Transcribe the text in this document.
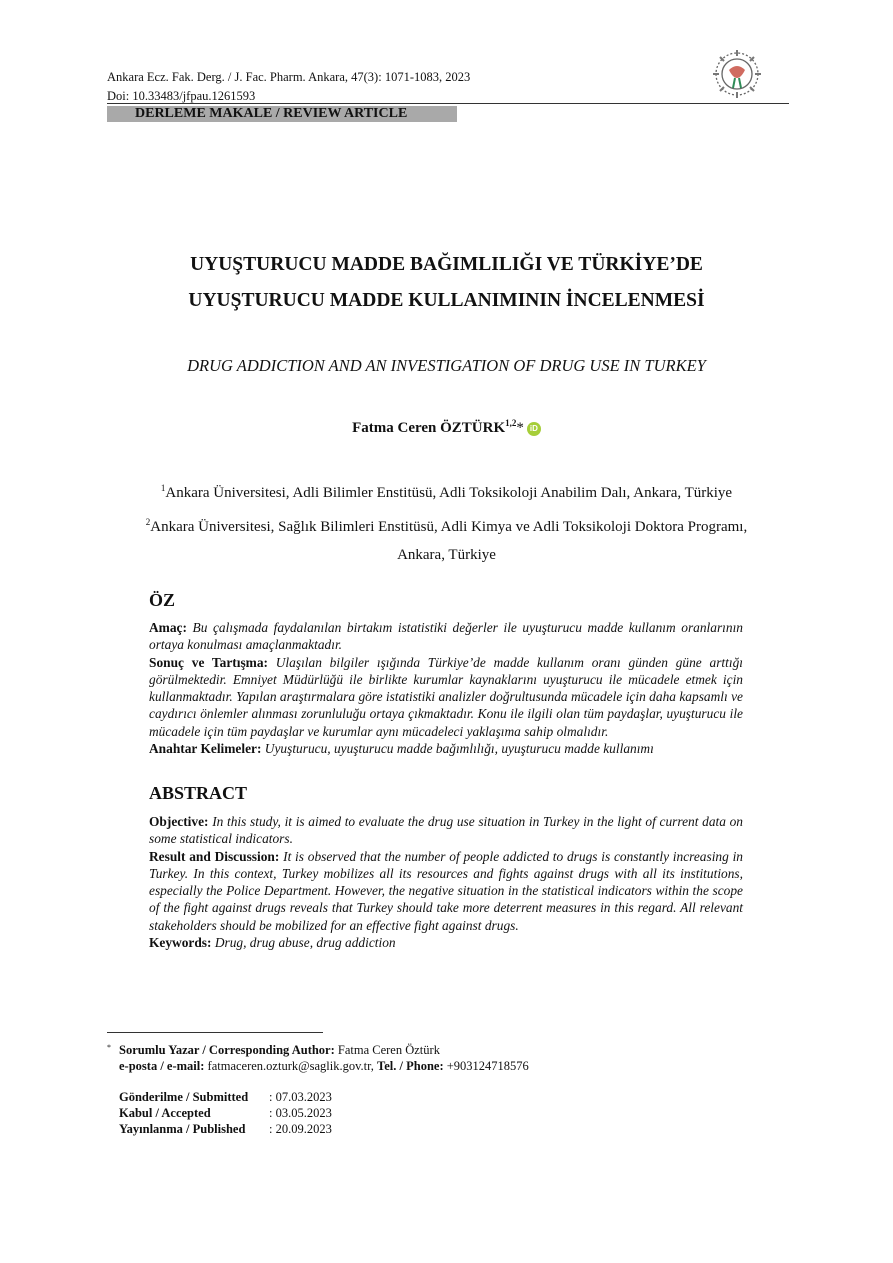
Ankara Ecz. Fak. Derg. / J. Fac. Pharm. Ankara, 47(3): 1071-1083, 2023
Doi: 10.33483/jfpau.1261593
DERLEME MAKALE / REVIEW ARTICLE
UYUŞTURUCU MADDE BAĞIMLILIĞI VE TÜRKİYE’DE
UYUŞTURUCU MADDE KULLANIMININ İNCELENMESİ
DRUG ADDICTION AND AN INVESTIGATION OF DRUG USE IN TURKEY
Fatma Ceren ÖZTÜRK$^{1,2}$* iD
$^1$Ankara Üniversitesi, Adli Bilimler Enstitüsü, Adli Toksikoloji Anabilim Dalı, Ankara, Türkiye
$^2$Ankara Üniversitesi, Sağlık Bilimleri Enstitüsü, Adli Kimya ve Adli Toksikoloji Doktora Programı,
Ankara, Türkiye
ÖZ
Amaç: Bu çalışmada faydalanılan birtakım istatistiki değerler ile uyuşturucu madde kullanım oranlarının ortaya konulması amaçlanmaktadır.
Sonuç ve Tartışma: Ulaşılan bilgiler ışığında Türkiye’de madde kullanım oranı günden güne arttığı görülmektedir. Emniyet Müdürlüğü ile birlikte kurumlar kaynaklarını uyuşturucu ile mücadele etmek için kullanmaktadır. Yapılan araştırmalara göre istatistiki analizler doğrultusunda mücadele için daha kapsamlı ve caydırıcı önlemler alınması zorunluluğu ortaya çıkmaktadır. Konu ile ilgili olan tüm paydaşlar, uyuşturucu ile mücadele için tüm paydaşlar ve kurumlar aynı mücadeleci yaklaşıma sahip olmalıdır.
Anahtar Kelimeler: Uyuşturucu, uyuşturucu madde bağımlılığı, uyuşturucu madde kullanımı
ABSTRACT
Objective: In this study, it is aimed to evaluate the drug use situation in Turkey in the light of current data on some statistical indicators.
Result and Discussion: It is observed that the number of people addicted to drugs is constantly increasing in Turkey. In this context, Turkey mobilizes all its resources and fights against drugs with all its institutions, especially the Police Department. However, the negative situation in the statistical indicators within the scope of the fight against drugs reveals that Turkey should take more deterrent measures in this regard. All relevant stakeholders should be mobilized for an effective fight against drugs.
Keywords: Drug, drug abuse, drug addiction
* Sorumlu Yazar / Corresponding Author: Fatma Ceren Öztürk
e-posta / e-mail: fatmaceren.ozturk@saglik.gov.tr, Tel. / Phone: +903124718576
Gönderilme / Submitted	: 07.03.2023
Kabul / Accepted	: 03.05.2023
Yayınlanma / Published	: 20.09.2023
